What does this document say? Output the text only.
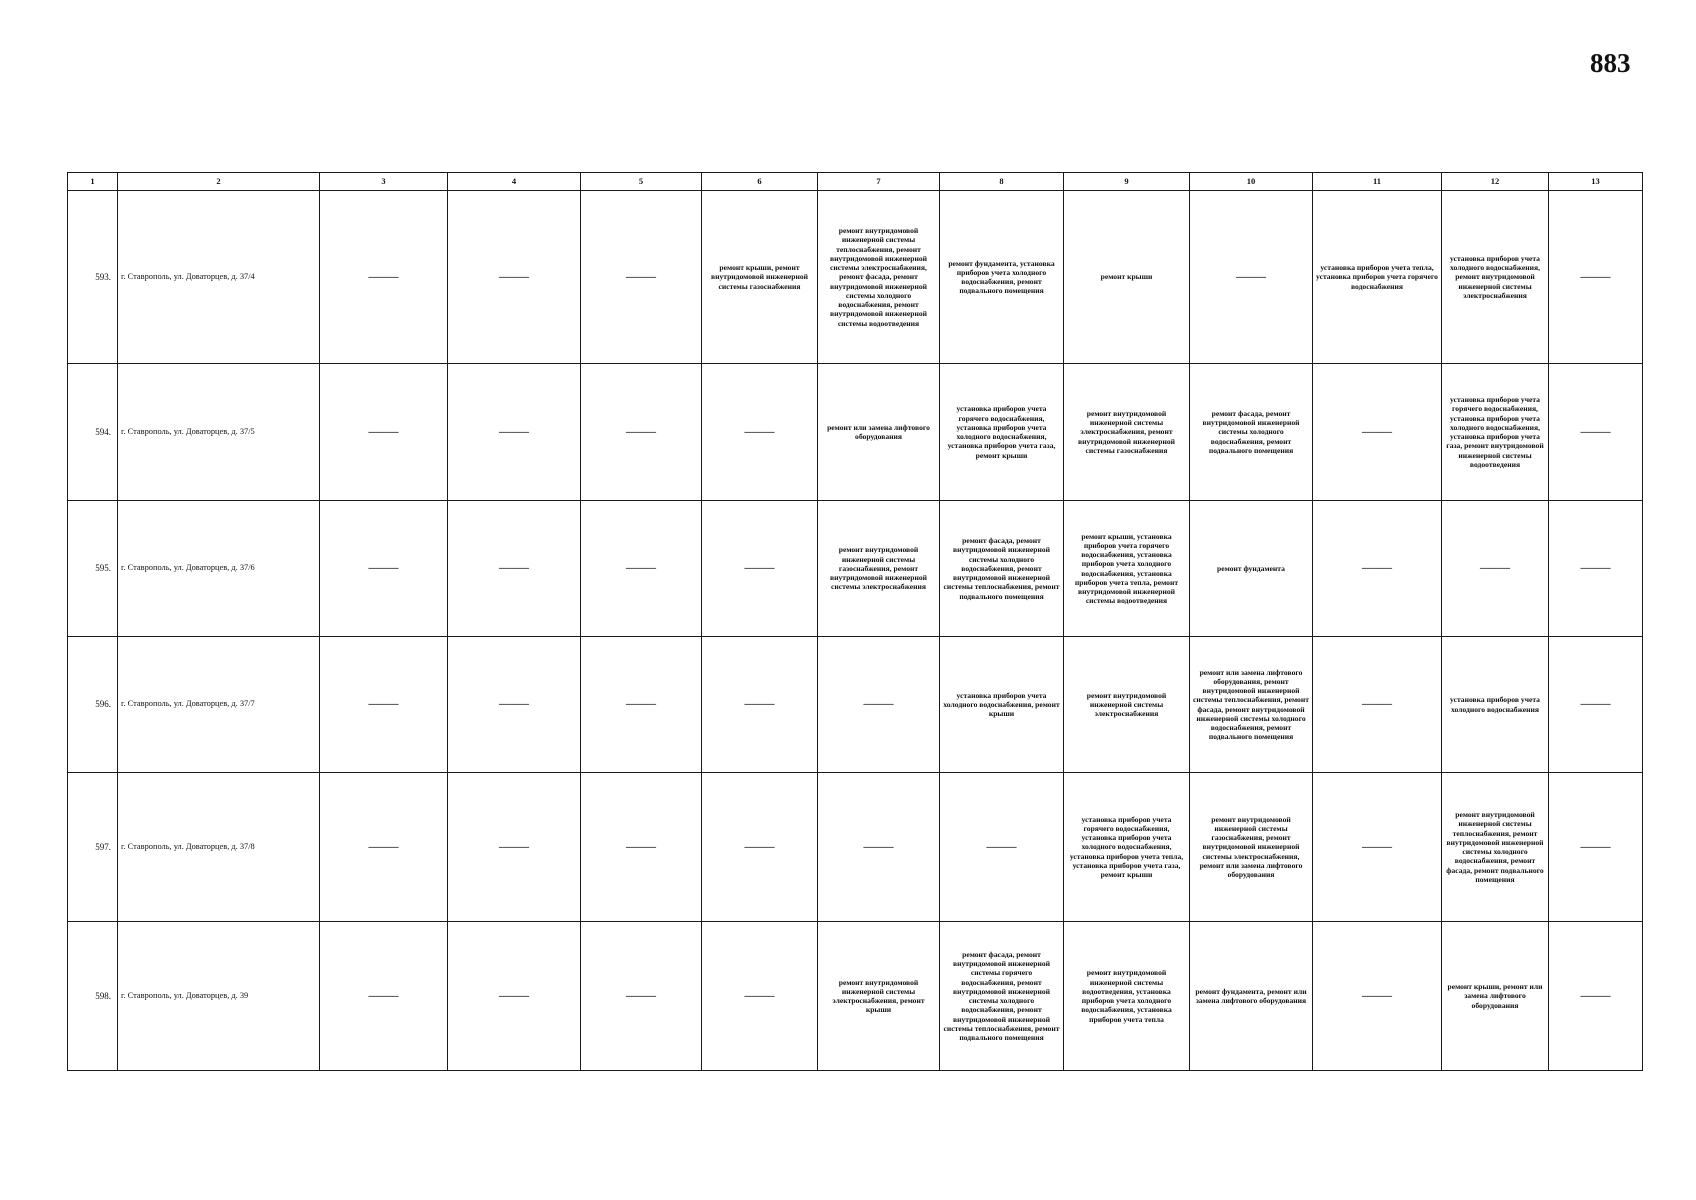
883
1	2	3	4	5	6	7	8	9	10	11	12	13
593.	г. Ставрополь, ул. Доваторцев, д. 37/4	——	——	——	ремонт крыши, ремонт внутридомовой инженерной системы газоснабжения	ремонт внутридомовой инженерной системы теплоснабжения, ремонт внутридомовой инженерной системы электроснабжения, ремонт фасада, ремонт внутридомовой инженерной системы холодного водоснабжения, ремонт внутридомовой инженерной системы водоотведения	ремонт фундамента, установка приборов учета холодного водоснабжения, ремонт подвального помещения	ремонт крыши	——	установка приборов учета тепла, установка приборов учета горячего водоснабжения	установка приборов учета холодного водоснабжения, ремонт внутридомовой инженерной системы электроснабжения	——
594.	г. Ставрополь, ул. Доваторцев, д. 37/5	——	——	——	——	ремонт или замена лифтового оборудования	установка приборов учета горячего водоснабжения, установка приборов учета холодного водоснабжения, установка приборов учета газа, ремонт крыши	ремонт внутридомовой инженерной системы электроснабжения, ремонт внутридомовой инженерной системы газоснабжения	ремонт фасада, ремонт внутридомовой инженерной системы холодного водоснабжения, ремонт подвального помещения	——	установка приборов учета горячего водоснабжения, установка приборов учета холодного водоснабжения, установка приборов учета газа, ремонт внутридомовой инженерной системы водоотведения	——
595.	г. Ставрополь, ул. Доваторцев, д. 37/6	——	——	——	——	ремонт внутридомовой инженерной системы газоснабжения, ремонт внутридомовой инженерной системы электроснабжения	ремонт фасада, ремонт внутридомовой инженерной системы холодного водоснабжения, ремонт внутридомовой инженерной системы теплоснабжения, ремонт подвального помещения	ремонт крыши, установка приборов учета горячего водоснабжения, установка приборов учета холодного водоснабжения, установка приборов учета тепла, ремонт внутридомовой инженерной системы водоотведения	ремонт фундамента	——	——	——
596.	г. Ставрополь, ул. Доваторцев, д. 37/7	——	——	——	——	——	установка приборов учета холодного водоснабжения, ремонт крыши	ремонт внутридомовой инженерной системы электроснабжения	ремонт или замена лифтового оборудования, ремонт внутридомовой инженерной системы теплоснабжения, ремонт фасада, ремонт внутридомовой инженерной системы холодного водоснабжения, ремонт подвального помещения	——	установка приборов учета холодного водоснабжения	——
597.	г. Ставрополь, ул. Доваторцев, д. 37/8	——	——	——	——	——	——	установка приборов учета горячего водоснабжения, установка приборов учета холодного водоснабжения, установка приборов учета тепла, установка приборов учета газа, ремонт крыши	ремонт внутридомовой инженерной системы газоснабжения, ремонт внутридомовой инженерной системы электроснабжения, ремонт или замена лифтового оборудования	——	ремонт внутридомовой инженерной системы теплоснабжения, ремонт внутридомовой инженерной системы холодного водоснабжения, ремонт фасада, ремонт подвального помещения	——
598.	г. Ставрополь, ул. Доваторцев, д. 39	——	——	——	——	ремонт внутридомовой инженерной системы электроснабжения, ремонт крыши	ремонт фасада, ремонт внутридомовой инженерной системы горячего водоснабжения, ремонт внутридомовой инженерной системы холодного водоснабжения, ремонт внутридомовой инженерной системы теплоснабжения, ремонт подвального помещения	ремонт внутридомовой инженерной системы водоотведения, установка приборов учета холодного водоснабжения, установка приборов учета тепла	ремонт фундамента, ремонт или замена лифтового оборудования	——	ремонт крыши, ремонт или замена лифтового оборудования	——
